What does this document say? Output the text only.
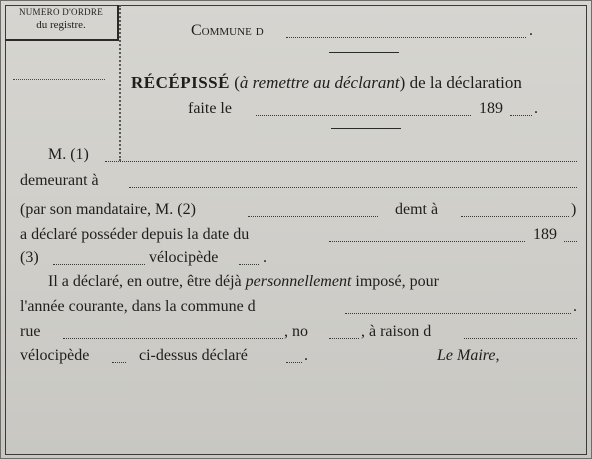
NUMERO D'ORDRE
du registre.	Commune d	.
RÉCÉPISSÉ (à remettre au déclarant) de la déclaration
faite le	189 .
M. (1)
demeurant à
(par son mandataire, M. (2)	demt à	)
a déclaré posséder depuis la date du	189
(3)	vélocipède	.
Il a déclaré, en outre, être déjà personnellement imposé, pour
l'année courante, dans la commune d	.
rue	, no	, à raison d
vélocipède	ci-dessus déclaré	.	Le Maire,
